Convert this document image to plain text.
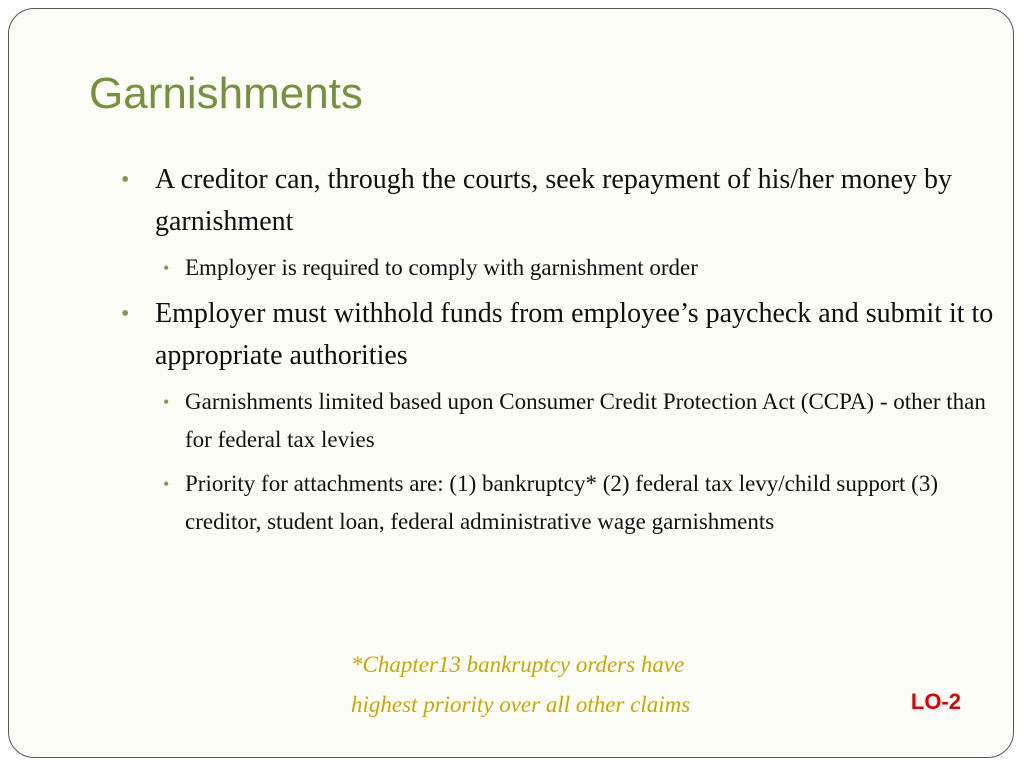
Garnishments

• A creditor can, through the courts, seek repayment of his/her money by garnishment

• Employer is required to comply with garnishment order

• Employer must withhold funds from employee’s paycheck and submit it to appropriate authorities

• Garnishments limited based upon Consumer Credit Protection Act (CCPA) - other than for federal tax levies

• Priority for attachments are: (1) bankruptcy* (2) federal tax levy/child support (3) creditor, student loan, federal administrative wage garnishments

*Chapter13 bankruptcy orders have
highest priority over all other claims	LO-2
